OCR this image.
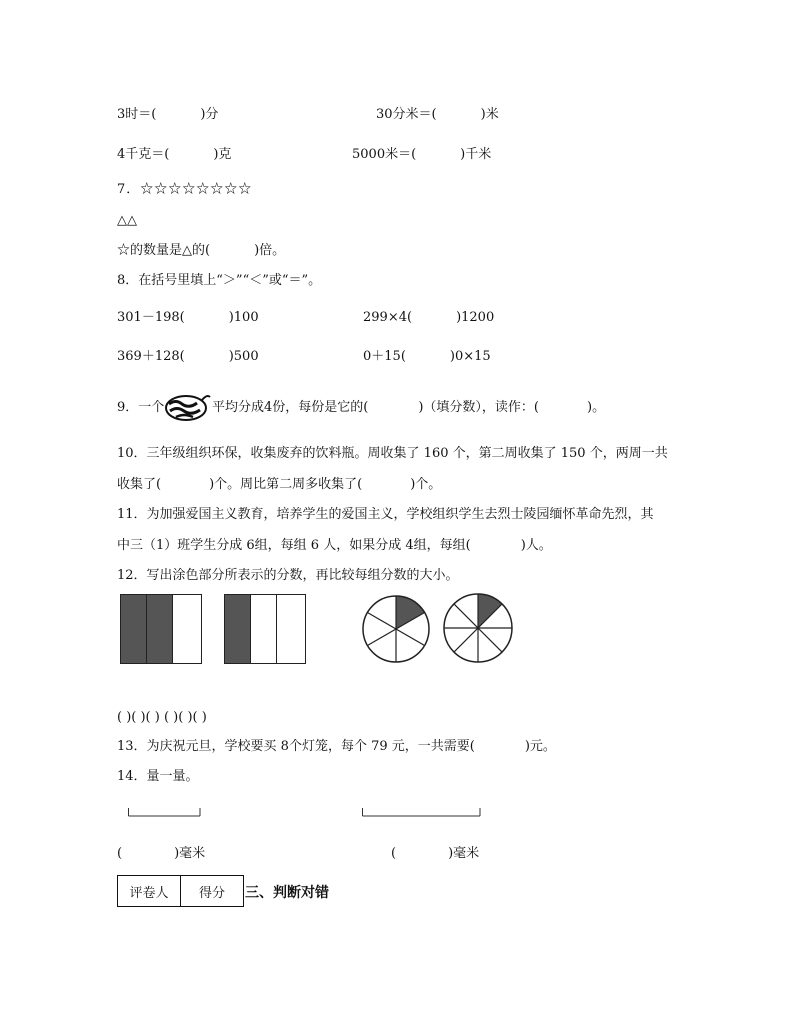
3时＝(	)分	30分米＝(	)米
4千克＝(	)克	5000米＝(	)千米
7．☆☆☆☆☆☆☆☆
△△
☆的数量是△的(	)倍。
8．在括号里填上“＞”“＜”或“＝”。
301－198(	)100	299×4(	)1200
369＋128(	)500	0＋15(	)0×15
9．一个	平均分成4份，每份是它的(	)（填分数），读作：(	)。
10．三年级组织环保，收集废弃的饮料瓶。周收集了 160 个，第二周收集了 150 个，两周一共
收集了(	)个。周比第二周多收集了(	)个。
11．为加强爱国主义教育，培养学生的爱国主义，学校组织学生去烈士陵园缅怀革命先烈，其
中三（1）班学生分成 6组，每组 6 人，如果分成 4组，每组(	)人。
12．写出涂色部分所表示的分数，再比较每组分数的大小。
( )( )( ) ( )( )( )
13．为庆祝元旦，学校要买 8个灯笼，每个 79 元，一共需要(	)元。
14．量一量。
(	)毫米	(	)毫米
评卷人	得分 三、判断对错
